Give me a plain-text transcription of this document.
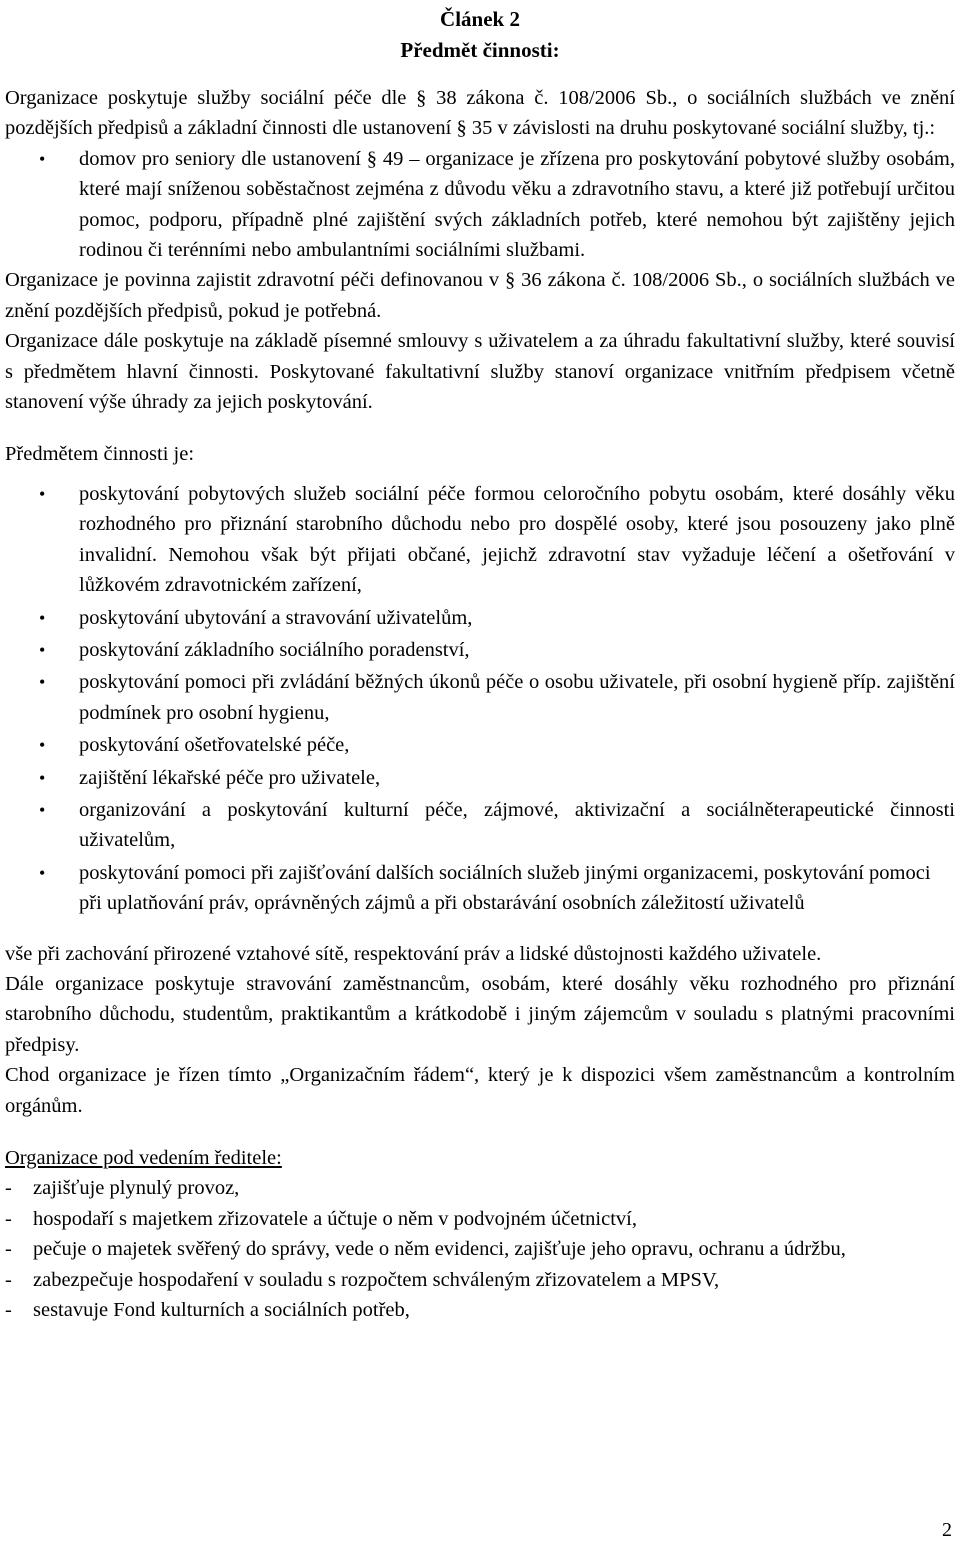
Článek 2
Předmět činnosti:

Organizace poskytuje služby sociální péče dle § 38 zákona č. 108/2006 Sb., o sociálních službách ve znění pozdějších předpisů a základní činnosti dle ustanovení § 35 v závislosti na druhu poskytované sociální služby, tj.:

• domov pro seniory dle ustanovení § 49 – organizace je zřízena pro poskytování pobytové služby osobám, které mají sníženou soběstačnost zejména z důvodu věku a zdravotního stavu, a které již potřebují určitou pomoc, podporu, případně plné zajištění svých základních potřeb, které nemohou být zajištěny jejich rodinou či terénními nebo ambulantními sociálními službami.

Organizace je povinna zajistit zdravotní péči definovanou v § 36 zákona č. 108/2006 Sb., o sociálních službách ve znění pozdějších předpisů, pokud je potřebná.

Organizace dále poskytuje na základě písemné smlouvy s uživatelem a za úhradu fakultativní služby, které souvisí s předmětem hlavní činnosti. Poskytované fakultativní služby stanoví organizace vnitřním předpisem včetně stanovení výše úhrady za jejich poskytování.

Předmětem činnosti je:

• poskytování pobytových služeb sociální péče formou celoročního pobytu osobám, které dosáhly věku rozhodného pro přiznání starobního důchodu nebo pro dospělé osoby, které jsou posouzeny jako plně invalidní. Nemohou však být přijati občané, jejichž zdravotní stav vyžaduje léčení a ošetřování v lůžkovém zdravotnickém zařízení,
• poskytování ubytování a stravování uživatelům,
• poskytování základního sociálního poradenství,
• poskytování pomoci při zvládání běžných úkonů péče o osobu uživatele, při osobní hygieně příp. zajištění podmínek pro osobní hygienu,
• poskytování ošetřovatelské péče,
• zajištění lékařské péče pro uživatele,
• organizování a poskytování kulturní péče, zájmové, aktivizační a sociálněterapeutické činnosti uživatelům,
• poskytování pomoci při zajišťování dalších sociálních služeb jinými organizacemi, poskytování pomoci při uplatňování práv, oprávněných zájmů a při obstarávání osobních záležitostí uživatelů

vše při zachování přirozené vztahové sítě, respektování práv a lidské důstojnosti každého uživatele.

Dále organizace poskytuje stravování zaměstnancům, osobám, které dosáhly věku rozhodného pro přiznání starobního důchodu, studentům, praktikantům a krátkodobě i jiným zájemcům v souladu s platnými pracovními předpisy.

Chod organizace je řízen tímto „Organizačním řádem“, který je k dispozici všem zaměstnancům a kontrolním orgánům.

Organizace pod vedením ředitele:

- zajišťuje plynulý provoz,
- hospodaří s majetkem zřizovatele a účtuje o něm v podvojném účetnictví,
- pečuje o majetek svěřený do správy, vede o něm evidenci, zajišťuje jeho opravu, ochranu a údržbu,
- zabezpečuje hospodaření v souladu s rozpočtem schváleným zřizovatelem a MPSV,
- sestavuje Fond kulturních a sociálních potřeb,
2
